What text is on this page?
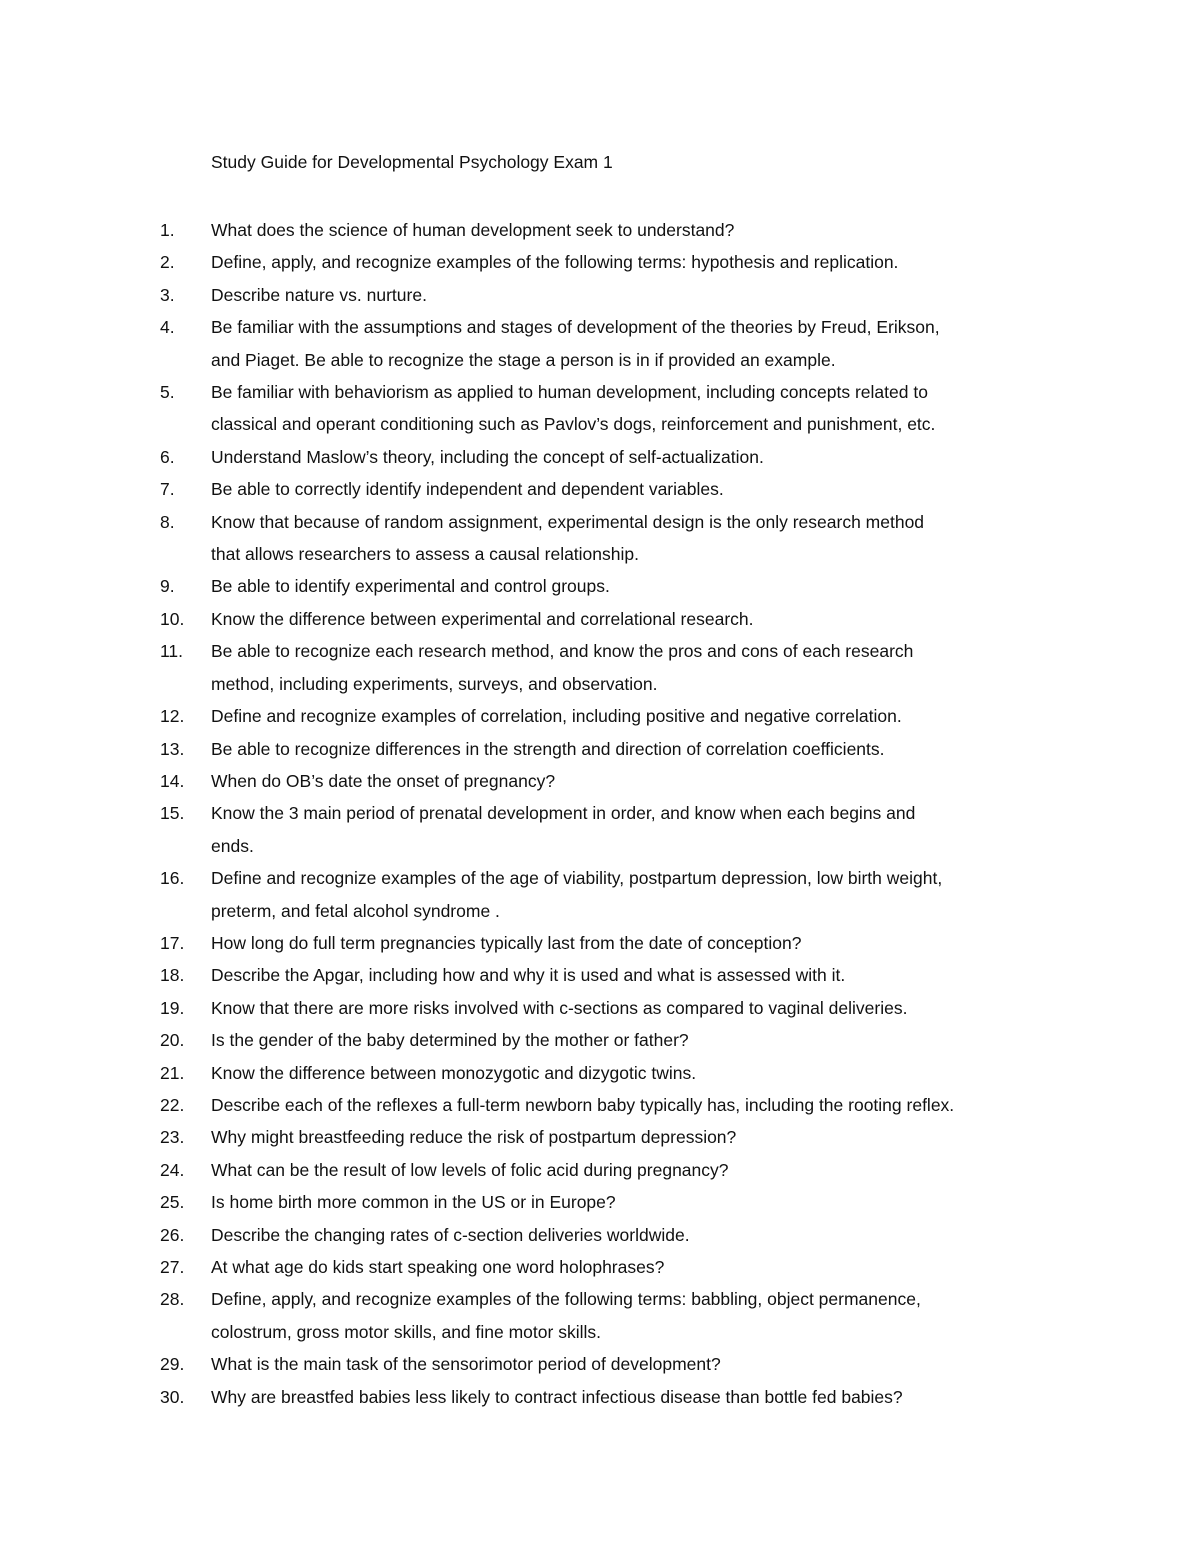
Study Guide for Developmental Psychology Exam 1
1.	What does the science of human development seek to understand?
2.	Define, apply, and recognize examples of the following terms: hypothesis and replication.
3.	Describe nature vs. nurture.
4.	Be familiar with the assumptions and stages of development of the theories by Freud, Erikson,
and Piaget. Be able to recognize the stage a person is in if provided an example.
5.	Be familiar with behaviorism as applied to human development, including concepts related to
classical and operant conditioning such as Pavlov’s dogs, reinforcement and punishment, etc.
6.	Understand Maslow’s theory, including the concept of self-actualization.
7.	Be able to correctly identify independent and dependent variables.
8.	Know that because of random assignment, experimental design is the only research method
that allows researchers to assess a causal relationship.
9.	Be able to identify experimental and control groups.
10.	Know the difference between experimental and correlational research.
11.	Be able to recognize each research method, and know the pros and cons of each research
method, including experiments, surveys, and observation.
12.	Define and recognize examples of correlation, including positive and negative correlation.
13.	Be able to recognize differences in the strength and direction of correlation coefficients.
14.	When do OB’s date the onset of pregnancy?
15.	Know the 3 main period of prenatal development in order, and know when each begins and
ends.
16.	Define and recognize examples of the age of viability, postpartum depression, low birth weight,
preterm, and fetal alcohol syndrome .
17.	How long do full term pregnancies typically last from the date of conception?
18.	Describe the Apgar, including how and why it is used and what is assessed with it.
19.	Know that there are more risks involved with c-sections as compared to vaginal deliveries.
20.	Is the gender of the baby determined by the mother or father?
21.	Know the difference between monozygotic and dizygotic twins.
22.	Describe each of the reflexes a full-term newborn baby typically has, including the rooting reflex.
23.	Why might breastfeeding reduce the risk of postpartum depression?
24.	What can be the result of low levels of folic acid during pregnancy?
25.	Is home birth more common in the US or in Europe?
26.	Describe the changing rates of c-section deliveries worldwide.
27.	At what age do kids start speaking one word holophrases?
28.	Define, apply, and recognize examples of the following terms: babbling, object permanence,
colostrum, gross motor skills, and fine motor skills.
29.	What is the main task of the sensorimotor period of development?
30.	Why are breastfed babies less likely to contract infectious disease than bottle fed babies?
